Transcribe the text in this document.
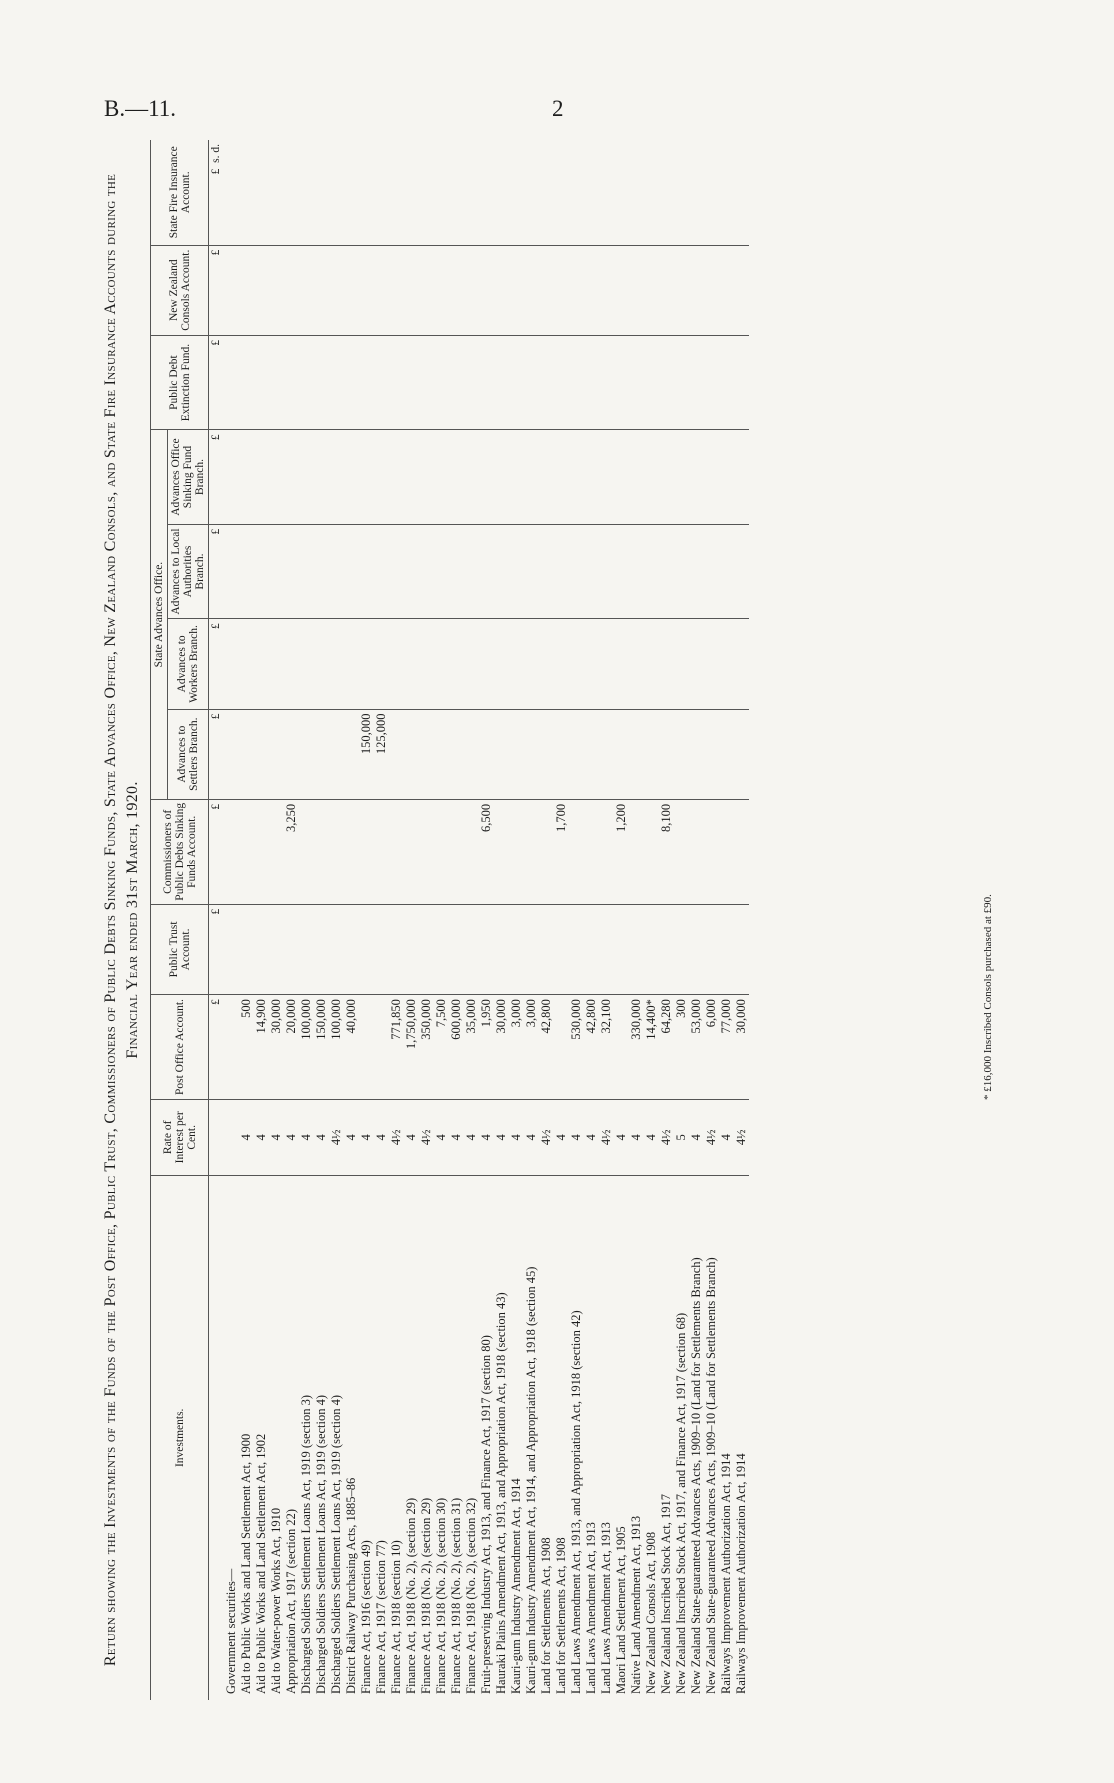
B.—11.	2
Return showing the Investments of the Funds of the Post Office, Public Trust, Commissioners of Public Debts Sinking Funds, State Advances Office, New Zealand Consols, and State Fire Insurance Accounts during the Financial Year ended 31st March, 1920.
Investments.	Rate of Interest per Cent.	Post Office Account.	Public Trust Account.	Commissioners of Public Debts Sinking Funds Account.	State Advances Office.				Public Debt Extinction Fund.	New Zealand Consols Account.	State Fire Insurance Account.
					Advances to Settlers Branch.	Advances to Workers Branch.	Advances to Local Authorities Branch.	Advances Office Sinking Fund Branch.			
		£	£	£	£	£	£	£	£	£	£  s. d.
Government securities—											
Aid to Public Works and Land Settlement Act, 1900	4	500									
Aid to Public Works and Land Settlement Act, 1902	4	14,900									
Aid to Water-power Works Act, 1910	4	30,000									
Appropriation Act, 1917 (section 22)	4	20,000		3,250							
Discharged Soldiers Settlement Loans Act, 1919 (section 3)	4	100,000									
Discharged Soldiers Settlement Loans Act, 1919 (section 4)	4	150,000									
Discharged Soldiers Settlement Loans Act, 1919 (section 4)	4½	100,000									
District Railway Purchasing Acts, 1885–86	4	40,000									
Finance Act, 1916 (section 49)	4				150,000						
Finance Act, 1917 (section 77)	4				125,000						
Finance Act, 1918 (section 10)	4½	771,850									
Finance Act, 1918 (No. 2), (section 29)	4	1,750,000									
Finance Act, 1918 (No. 2), (section 29)	4½	350,000									
Finance Act, 1918 (No. 2), (section 30)	4	7,500									
Finance Act, 1918 (No. 2), (section 31)	4	600,000									
Finance Act, 1918 (No. 2), (section 32)	4	35,000									
Fruit-preserving Industry Act, 1913, and Finance Act, 1917 (section 80)	4	1,950		6,500							
Hauraki Plains Amendment Act, 1913, and Appropriation Act, 1918 (section 43)	4	30,000									
Kauri-gum Industry Amendment Act, 1914	4	3,000									
Kauri-gum Industry Amendment Act, 1914, and Appropriation Act, 1918 (section 45)	4	3,000									
Land for Settlements Act, 1908	4½	42,800									
Land for Settlements Act, 1908	4			1,700							
Land Laws Amendment Act, 1913, and Appropriation Act, 1918 (section 42)	4	530,000									
Land Laws Amendment Act, 1913	4	42,800									
Land Laws Amendment Act, 1913	4½	32,100									
Maori Land Settlement Act, 1905	4			1,200							
Native Land Amendment Act, 1913	4	330,000									
New Zealand Consols Act, 1908	4	14,400*									
New Zealand Inscribed Stock Act, 1917	4½	64,280		8,100							
New Zealand Inscribed Stock Act, 1917, and Finance Act, 1917 (section 68)	5	300									
New Zealand State-guaranteed Advances Acts, 1909–10 (Land for Settlements Branch)	4	53,000									
New Zealand State-guaranteed Advances Acts, 1909–10 (Land for Settlements Branch)	4½	6,000									
Railways Improvement Authorization Act, 1914	4	77,000									
Railways Improvement Authorization Act, 1914	4½	30,000										* £16,000 Inscribed Consols purchased at £90.
